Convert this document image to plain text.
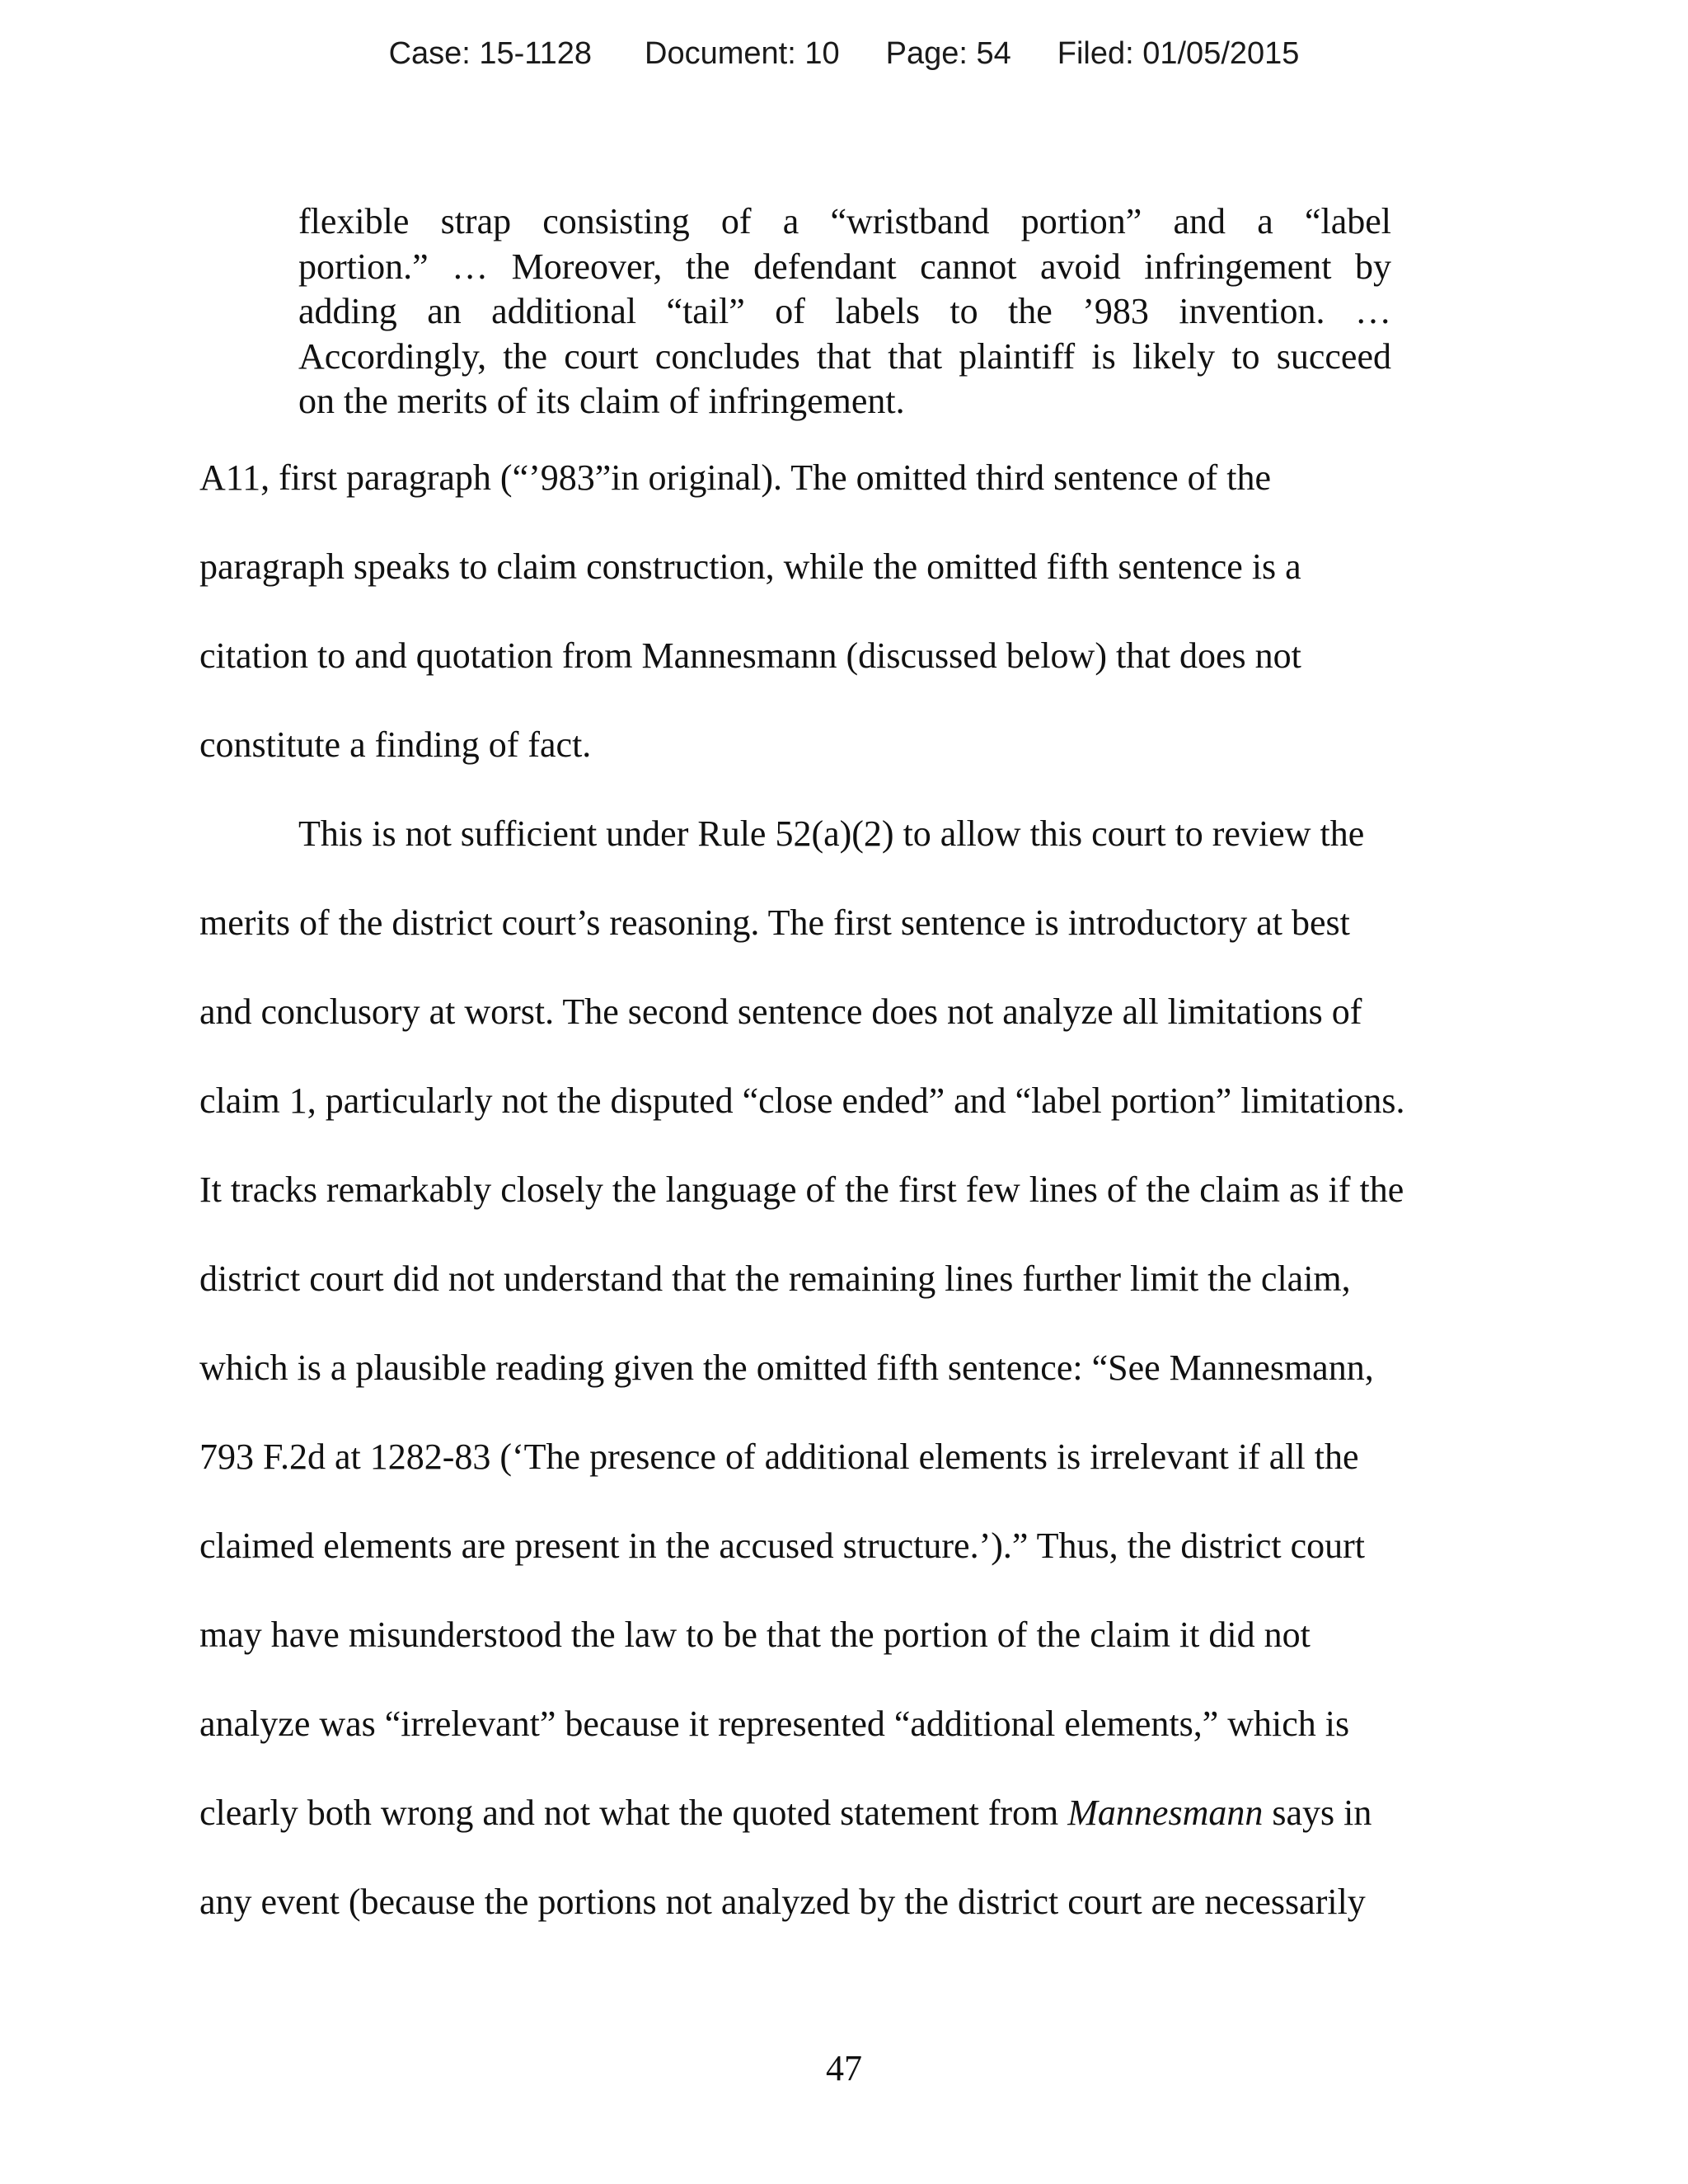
Case: 15-1128 Document: 10 Page: 54 Filed: 01/05/2015
flexible strap consisting of a “wristband portion” and a “label
portion.” … Moreover, the defendant cannot avoid infringement by
adding an additional “tail” of labels to the ’983 invention. …
Accordingly, the court concludes that that plaintiff is likely to succeed
on the merits of its claim of infringement.
A11, first paragraph (“’983”in original). The omitted third sentence of the
paragraph speaks to claim construction, while the omitted fifth sentence is a
citation to and quotation from Mannesmann (discussed below) that does not
constitute a finding of fact.
This is not sufficient under Rule 52(a)(2) to allow this court to review the
merits of the district court’s reasoning. The first sentence is introductory at best
and conclusory at worst. The second sentence does not analyze all limitations of
claim 1, particularly not the disputed “close ended” and “label portion” limitations.
It tracks remarkably closely the language of the first few lines of the claim as if the
district court did not understand that the remaining lines further limit the claim,
which is a plausible reading given the omitted fifth sentence: “See Mannesmann,
793 F.2d at 1282-83 (‘The presence of additional elements is irrelevant if all the
claimed elements are present in the accused structure.’).” Thus, the district court
may have misunderstood the law to be that the portion of the claim it did not
analyze was “irrelevant” because it represented “additional elements,” which is
clearly both wrong and not what the quoted statement from Mannesmann says in
any event (because the portions not analyzed by the district court are necessarily
47
